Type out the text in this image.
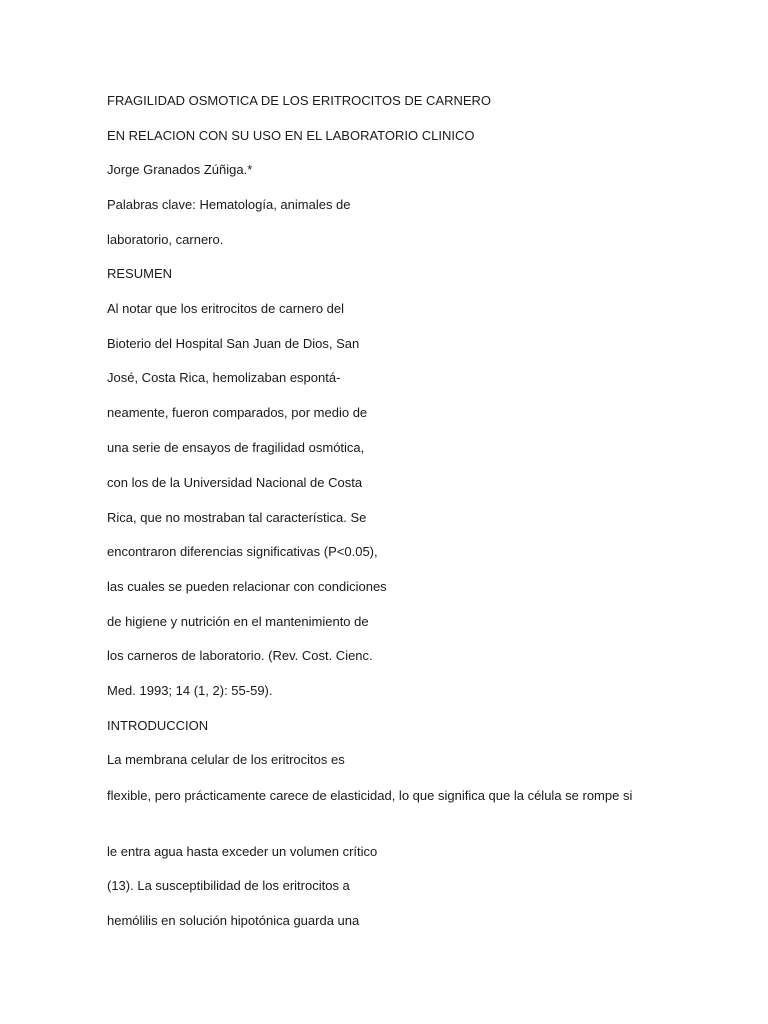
FRAGILIDAD OSMOTICA DE LOS ERITROCITOS DE CARNERO

EN RELACION CON SU USO EN EL LABORATORIO CLINICO

Jorge Granados Zúñiga.*

Palabras clave: Hematología, animales de

laboratorio, carnero.

RESUMEN

Al notar que los eritrocitos de carnero del

Bioterio del Hospital San Juan de Dios, San

José, Costa Rica, hemolizaban espontá-

neamente, fueron comparados, por medio de

una serie de ensayos de fragilidad osmótica,

con los de la Universidad Nacional de Costa

Rica, que no mostraban tal característica. Se

encontraron diferencias significativas (P<0.05),

las cuales se pueden relacionar con condiciones

de higiene y nutrición en el mantenimiento de

los carneros de laboratorio. (Rev. Cost. Cienc.

Med. 1993; 14 (1, 2): 55-59).

INTRODUCCION

La membrana celular de los eritrocitos es

flexible, pero prácticamente carece de elasticidad, lo que significa que la célula se rompe si

le entra agua hasta exceder un volumen crítico

(13). La susceptibilidad de los eritrocitos a

hemólilis en solución hipotónica guarda una
